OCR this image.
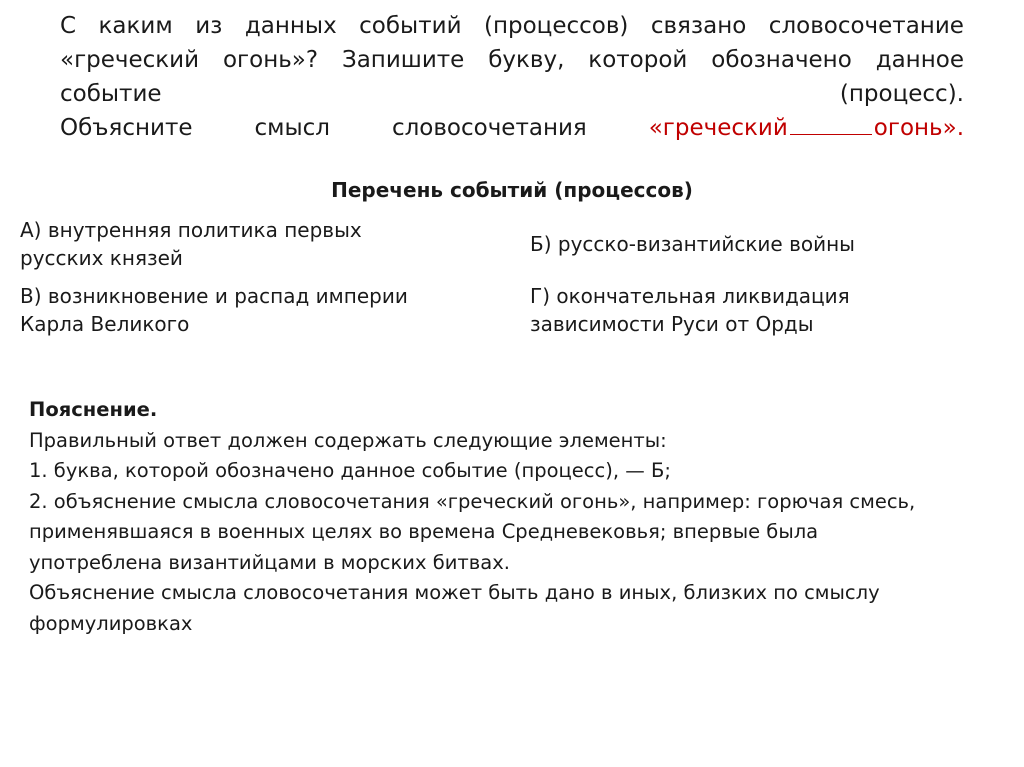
С каким из данных событий (процессов) связано словосочетание
«греческий огонь»? Запишите букву, которой обозначено данное
событие	(процесс).
Объясните	смысл	словосочетания	«греческий	огонь».
Перечень событий (процессов)
А) внутренняя политика первых
русских князей
Б) русско-византийские войны
В) возникновение и распад империи
Карла Великого
Г) окончательная ликвидация
зависимости Руси от Орды
Пояснение.
Правильный ответ должен содержать следующие элементы:
1. буква, которой обозначено данное событие (процесс), — Б;
2. объяснение смысла словосочетания «греческий огонь», например: горючая смесь,
применявшаяся в военных целях во времена Средневековья; впервые была
употреблена византийцами в морских битвах.
Объяснение смысла словосочетания может быть дано в иных, близких по смыслу
формулировках
